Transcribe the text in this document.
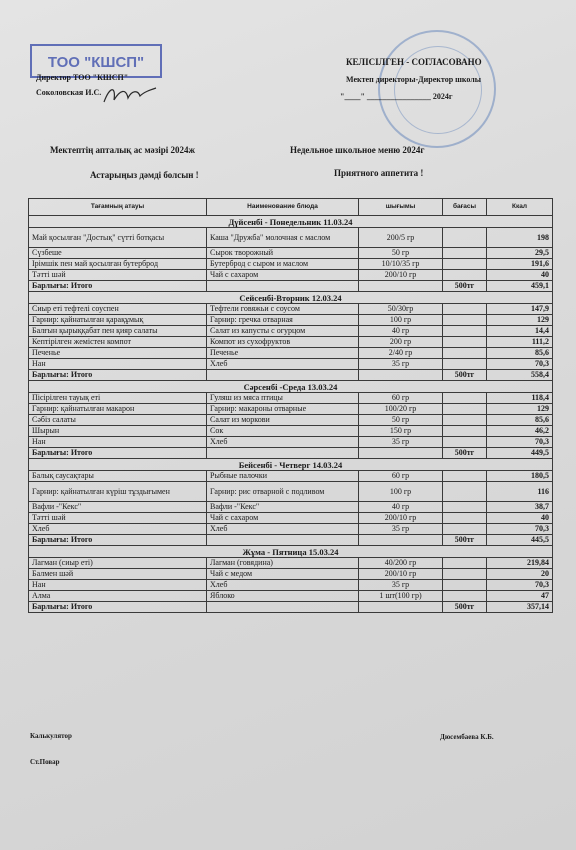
ТОО "КШСП"
Директор ТОО "КШСП"
Соколовская И.С.
КЕЛІСІЛГЕН - СОГЛАСОВАНО
Мектеп директоры-Директор школы
"____" ________________ 2024г
Мектептің апталық ас мәзірі 2024ж	Недельное школьное меню 2024г
Астарыңыз дәмді болсын !	Приятного аппетита !
Тағамның атауы	Наименование блюда	шығымы	бағасы	Ккал
Дүйсенбі - Понедельник 11.03.24				
Май қосылған "Достық" сүтті ботқасы	Каша "Дружба" молочная с маслом	200/5 гр		198
Сүзбеше	Сырок творожный	50 гр		29,5
Ірімшік пен май қосылған бутерброд	Бутерброд с сыром и маслом	10/10/35 гр		191,6
Тәтті шәй	Чай с сахаром	200/10 гр		40
Барлығы: Итого			500тг	459,1
Сейсенбі-Вторник 12.03.24				
Сиыр еті тефтелі соуспен	Тефтели говяжьи с соусом	50/30гр		147,9
Гарнир: қайнатылған қарақұмық	Гарнир: гречка отварная	100 гр		129
Балғын қырыққабат пен қияр салаты	Салат из капусты с огурцом	40 гр		14,4
Кептірілген жемістен компот	Компот из сухофруктов	200 гр		111,2
Печенье	Печенье	2/40 гр		85,6
Нан	Хлеб	35 гр		70,3
Барлығы: Итого			500тг	558,4
Сәрсенбі -Среда 13.03.24				
Пісірілген тауық еті	Гуляш из мяса птицы	60 гр		118,4
Гарнир: қайнатылған макарон	Гарнир: макароны отварные	100/20 гр		129
Сәбіз салаты	Салат из моркови	50 гр		85,6
Шырын	Сок	150 гр		46,2
Нан	Хлеб	35 гр		70,3
Барлығы: Итого			500тг	449,5
Бейсенбі - Четверг 14.03.24				
Балық саусақтары	Рыбные палочки	60 гр		180,5
Гарнир: қайнатылған күріш тұздығымен	Гарнир: рис отварной с подливом	100 гр		116
Вафли -"Кекс"	Вафли -"Кекс"	40 гр		38,7
Тәтті шәй	Чай с сахаром	200/10 гр		40
Хлеб	Хлеб	35 гр		70,3
Барлығы: Итого			500тг	445,5
Жұма - Пятница 15.03.24				
Лагман (сиыр еті)	Лагман (говядина)	40/200 гр		219,84
Балмен шәй	Чай с медом	200/10 гр		20
Нан	Хлеб	35 гр		70,3
Алма	Яблоко	1 шт(100 гр)		47
Барлығы: Итого			500тг	357,14
Калькулятор	Дюсембаева К.Б.
Ст.Повар
